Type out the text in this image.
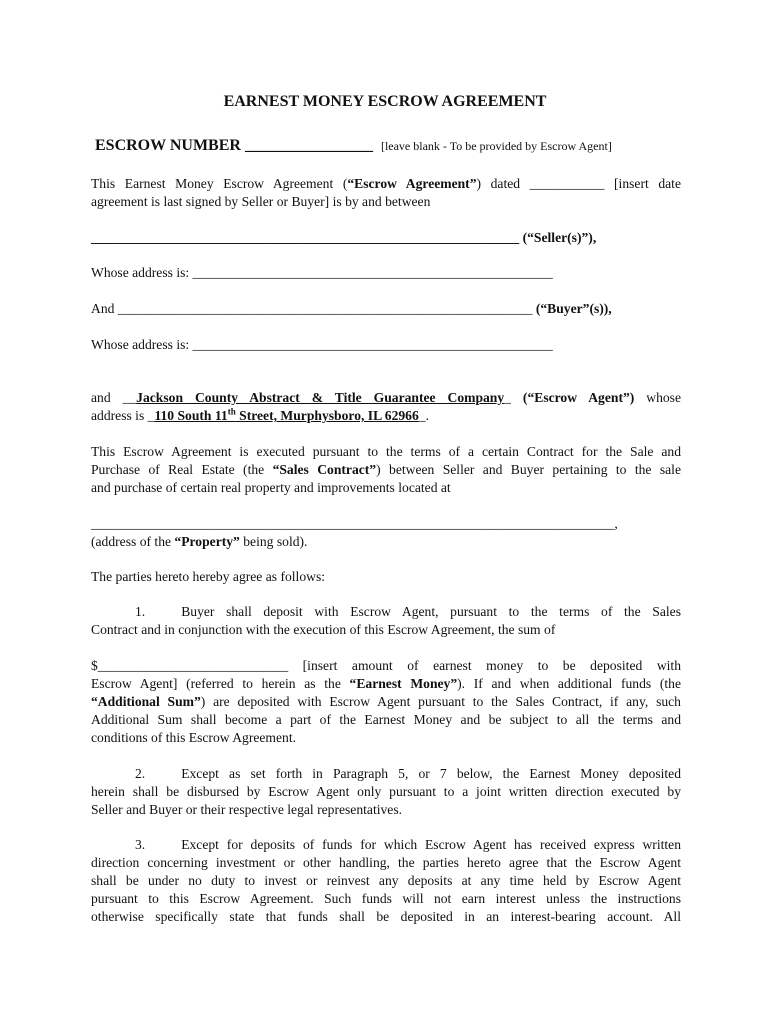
EARNEST MONEY ESCROW AGREEMENT
ESCROW NUMBER ________________ [leave blank - To be provided by Escrow Agent]
This Earnest Money Escrow Agreement (“Escrow Agreement”) dated ___________ [insert date
agreement is last signed by Seller or Buyer] is by and between
_______________________________________________________________ (“Seller(s)”),
Whose address is: _____________________________________________________
And _____________________________________________________________ (“Buyer”(s)),
Whose address is: _____________________________________________________
and __Jackson County Abstract & Title Guarantee Company_ (“Escrow Agent”) whose
address is _110 South 11th Street, Murphysboro, IL 62966_.
This Escrow Agreement is executed pursuant to the terms of a certain Contract for the Sale and
Purchase of Real Estate (the “Sales Contract”) between Seller and Buyer pertaining to the sale
and purchase of certain real property and improvements located at
_____________________________________________________________________________,
(address of the “Property” being sold).
The parties hereto hereby agree as follows:
1.	Buyer shall deposit with Escrow Agent, pursuant to the terms of the Sales
Contract and in conjunction with the execution of this Escrow Agreement, the sum of
$____________________________ [insert amount of earnest money to be deposited with
Escrow Agent] (referred to herein as the “Earnest Money”). If and when additional funds (the
“Additional Sum”) are deposited with Escrow Agent pursuant to the Sales Contract, if any, such
Additional Sum shall become a part of the Earnest Money and be subject to all the terms and
conditions of this Escrow Agreement.
2.	Except as set forth in Paragraph 5, or 7 below, the Earnest Money deposited
herein shall be disbursed by Escrow Agent only pursuant to a joint written direction executed by
Seller and Buyer or their respective legal representatives.
3.	Except for deposits of funds for which Escrow Agent has received express written
direction concerning investment or other handling, the parties hereto agree that the Escrow Agent
shall be under no duty to invest or reinvest any deposits at any time held by Escrow Agent
pursuant to this Escrow Agreement. Such funds will not earn interest unless the instructions
otherwise specifically state that funds shall be deposited in an interest-bearing account. All
